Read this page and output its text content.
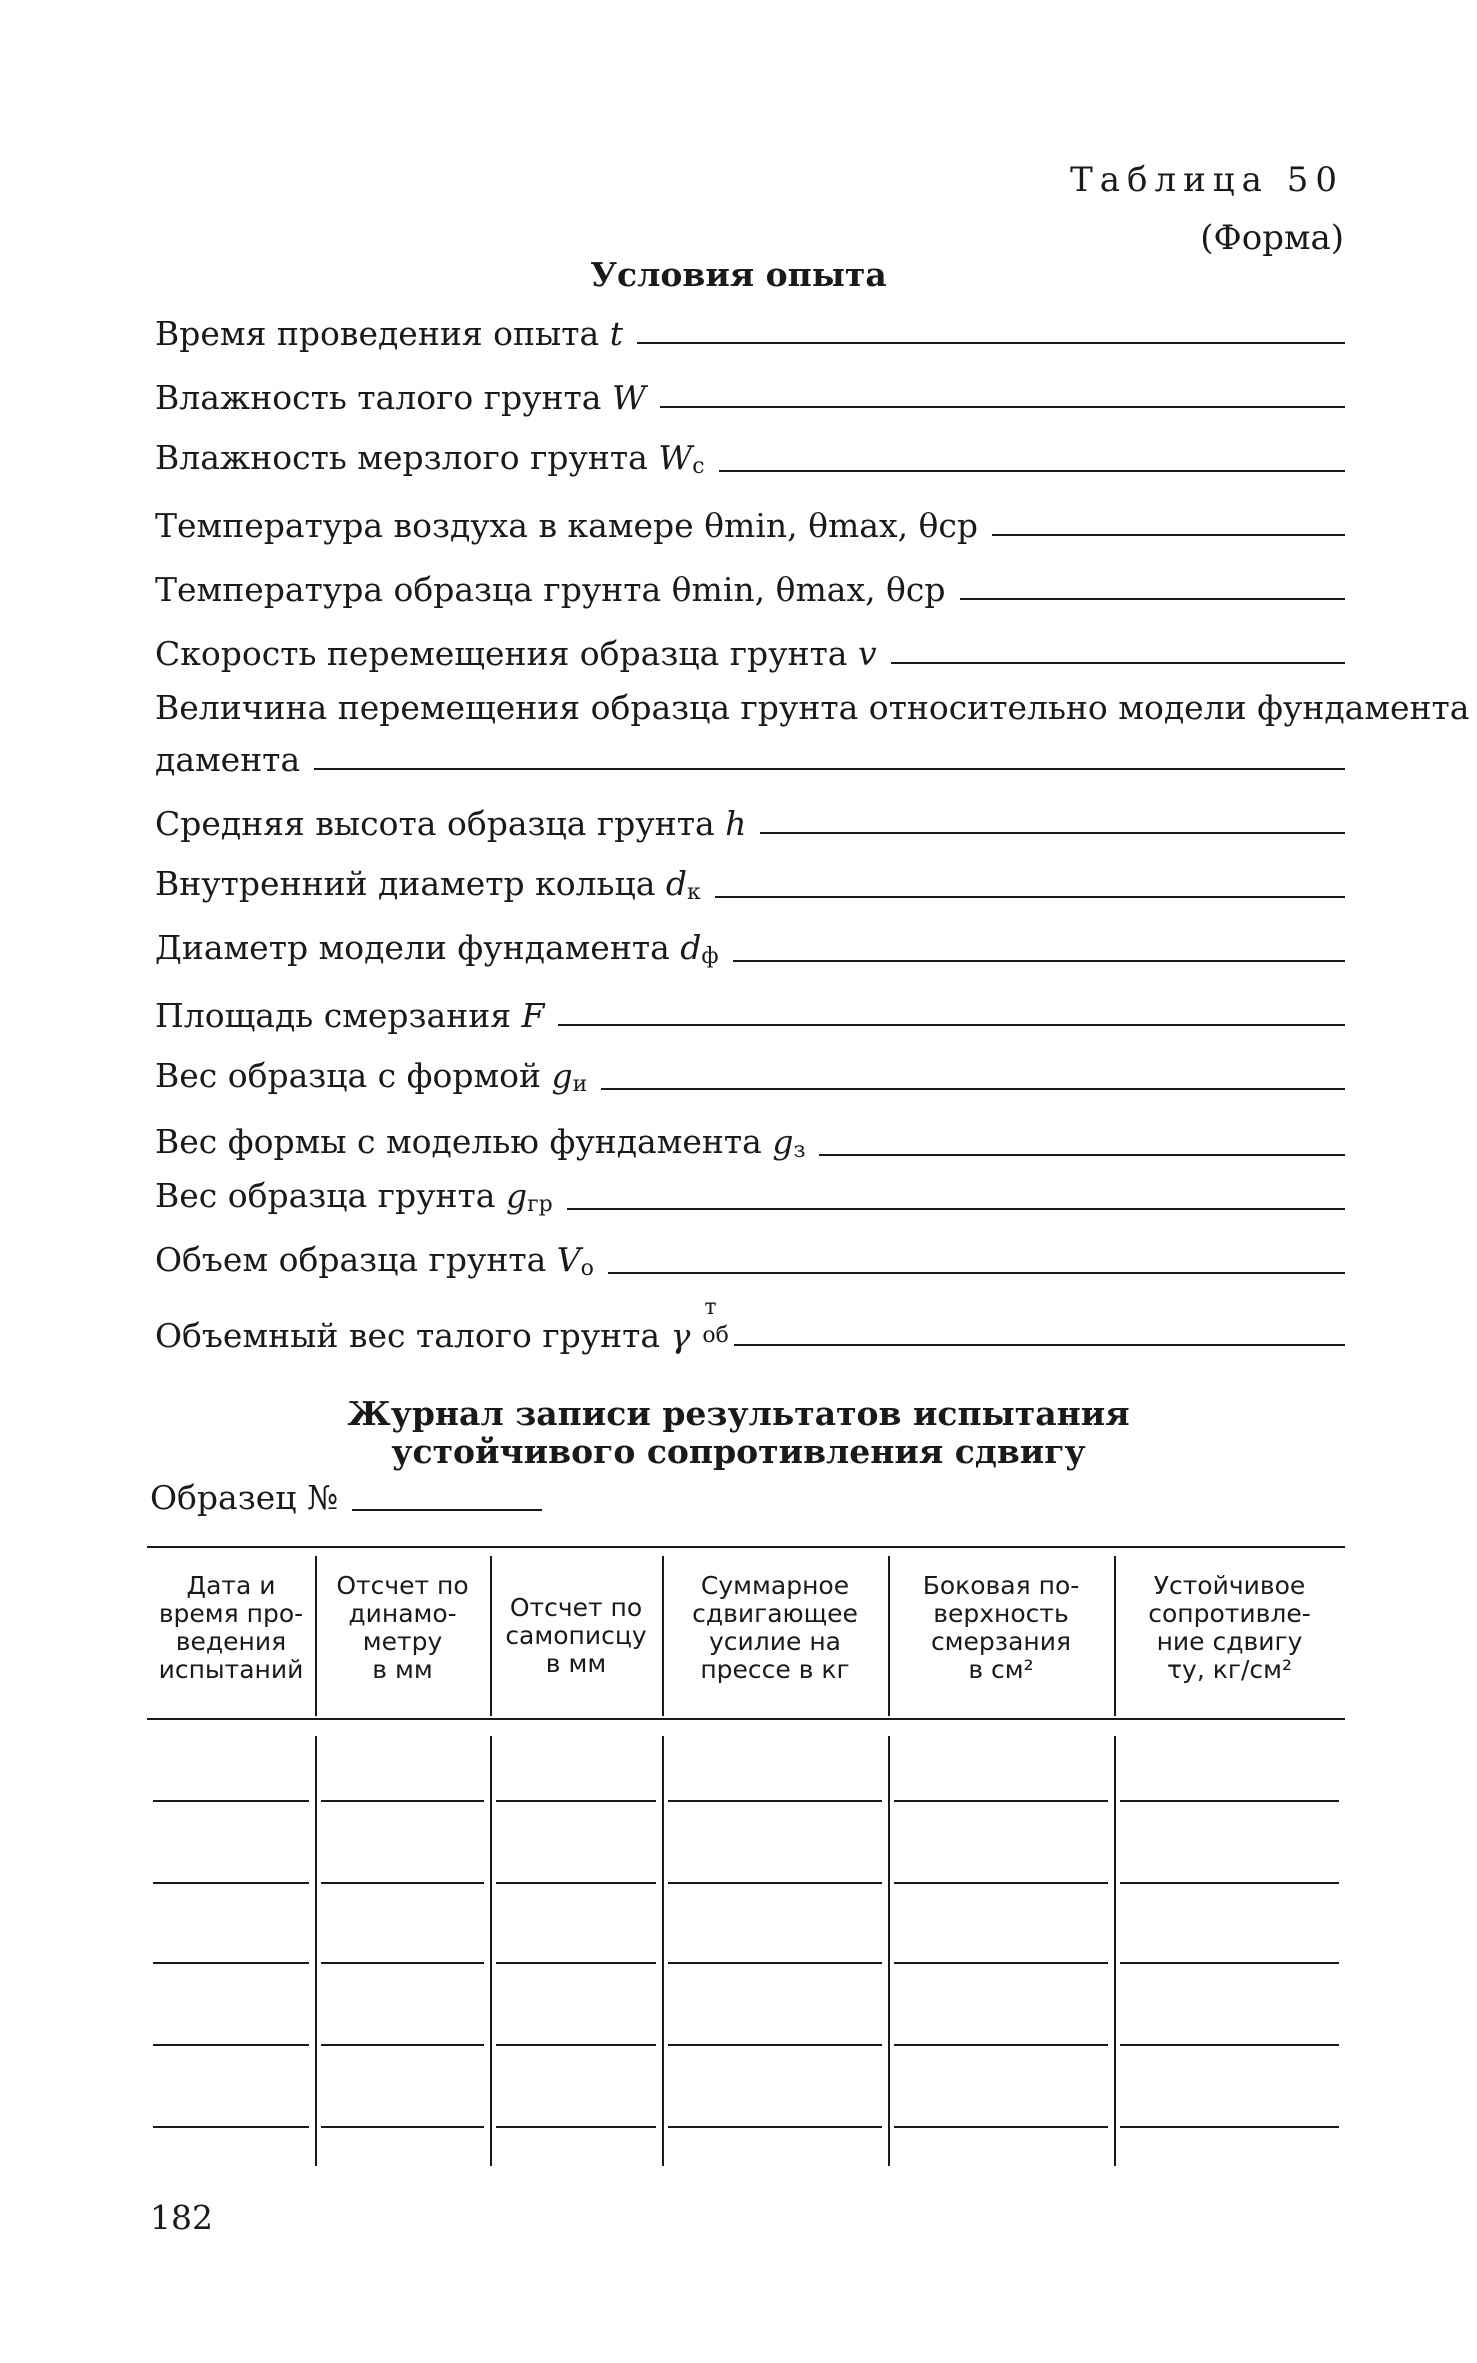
Таблица 50
(Форма)
Условия опыта
Время проведения опыта t
Влажность талого грунта W
Влажность мерзлого грунта Wc
Температура воздуха в камере θmin, θmax, θcp
Температура образца грунта θmin, θmax, θcp
Скорость перемещения образца грунта v
Величина перемещения образца грунта относительно модели фундамента
дамента
Средняя высота образца грунта h
Внутренний диаметр кольца dк
Диаметр модели фундамента dф
Площадь смерзания F
Вес образца с формой gи
Вес формы с моделью фундамента gз
Вес образца грунта gгр
Объем образца грунта Vо
Объемный вес талого грунта γ
т
об
Журнал записи результатов испытания
устойчивого сопротивления сдвигу
Образец №
Дата и
время про-
ведения
испытаний
Отсчет по
динамо-
метру
в мм
Отсчет по
самописцу
в мм
Суммарное
сдвигающее
усилие на
прессе в кг
Боковая по-
верхность
смерзания
в см²
Устойчивое
сопротивле-
ние сдвигу
τу, кг/см²
182
